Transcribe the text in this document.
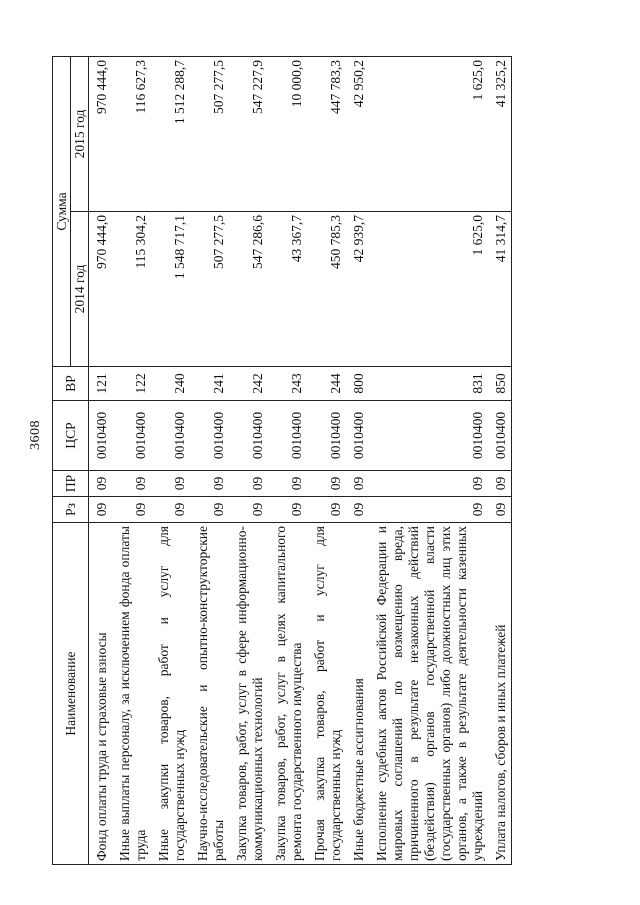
3608
Наименование	Рз	ПР	ЦСР	ВР	Сумма	
					2014 год	2015 год
Фонд оплаты труда и страховые взносы	09	09	0010400	121	970 444,0	970 444,0
Иные выплаты персоналу, за исключением фонда оплаты труда	09	09	0010400	122	115 304,2	116 627,3
Иные закупки товаров, работ и услуг для государственных нужд	09	09	0010400	240	1 548 717,1	1 512 288,7
Научно-исследовательские и опытно-конструкторские работы	09	09	0010400	241	507 277,5	507 277,5
Закупка товаров, работ, услуг в сфере информационно-коммуникационных технологий	09	09	0010400	242	547 286,6	547 227,9
Закупка товаров, работ, услуг в целях капитального ремонта государственного имущества	09	09	0010400	243	43 367,7	10 000,0
Прочая закупка товаров, работ и услуг для государственных нужд	09	09	0010400	244	450 785,3	447 783,3
Иные бюджетные ассигнования	09	09	0010400	800	42 939,7	42 950,2
Исполнение судебных актов Российской Федерации и мировых соглашений по возмещению вреда, причиненного в результате незаконных действий (бездействия) органов государственной власти (государственных органов) либо должностных лиц этих органов, а также в результате деятельности казенных учреждений	09	09	0010400	831	1 625,0	1 625,0
Уплата налогов, сборов и иных платежей	09	09	0010400	850	41 314,7	41 325,2
